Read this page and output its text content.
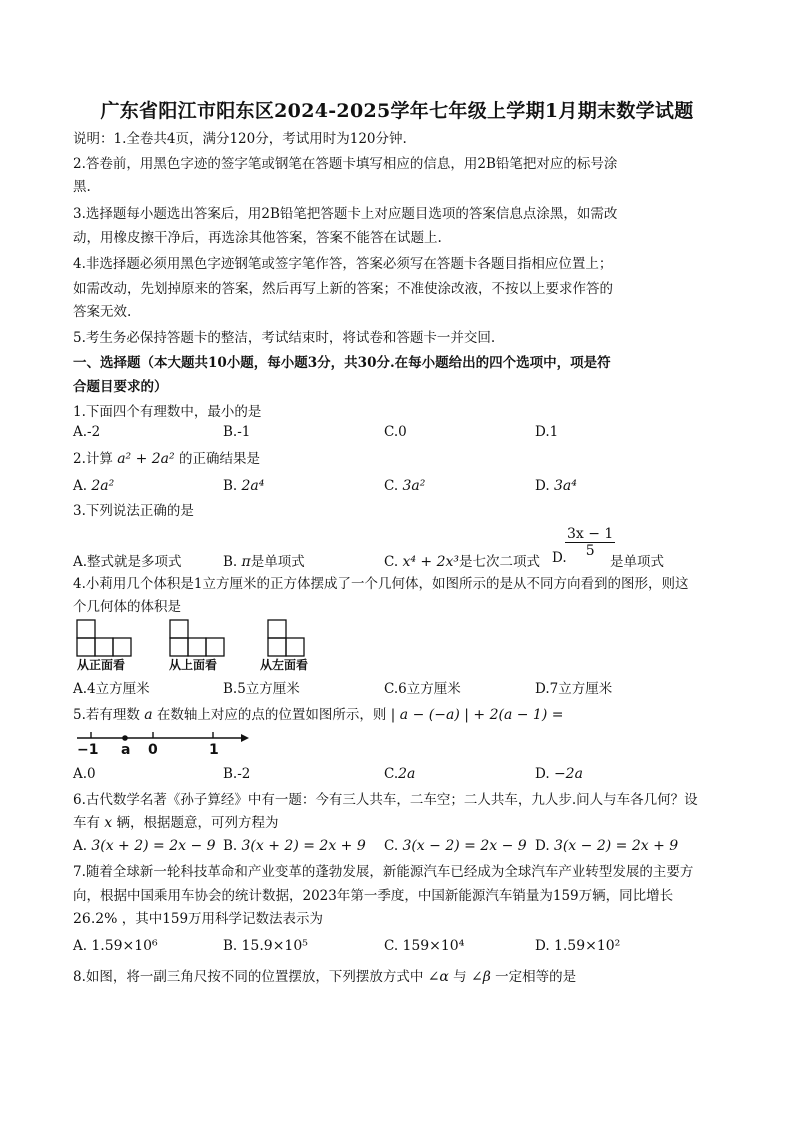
广东省阳江市阳东区2024-2025学年七年级上学期1月期末数学试题
说明：1.全卷共4页，满分120分，考试用时为120分钟.
2.答卷前，用黑色字迹的签字笔或钢笔在答题卡填写相应的信息，用2B铅笔把对应的标号涂
黑.
3.选择题每小题选出答案后，用2B铅笔把答题卡上对应题目选项的答案信息点涂黑，如需改
动，用橡皮擦干净后，再选涂其他答案，答案不能答在试题上.
4.非选择题必须用黑色字迹钢笔或签字笔作答，答案必须写在答题卡各题目指相应位置上；
如需改动，先划掉原来的答案，然后再写上新的答案；不准使涂改液，不按以上要求作答的
答案无效.
5.考生务必保持答题卡的整洁，考试结束时，将试卷和答题卡一并交回.
一、选择题（本大题共10小题，每小题3分，共30分.在每小题给出的四个选项中，项是符
合题目要求的）
1.下面四个有理数中，最小的是
A.-2	B.-1	C.0	D.1
2.计算 a² + 2a² 的正确结果是
A. 2a²	B. 2a⁴	C. 3a²	D. 3a⁴
3.下列说法正确的是
A.整式就是多项式	B. π是单项式	C. x⁴ + 2x³是七次二项式 D.
$\frac{3x - 1}{5}$
是单项式
4.小莉用几个体积是1立方厘米的正方体摆成了一个几何体，如图所示的是从不同方向看到的图形，则这
个几何体的体积是
从正面看	从上面看	从左面看
A.4立方厘米	B.5立方厘米	C.6立方厘米	D.7立方厘米
5.若有理数 a 在数轴上对应的点的位置如图所示，则 | a − (−a) | + 2(a − 1) =
−1 a 0	1
A.0	B.-2	C.2a	D. −2a
6.古代数学名著《孙子算经》中有一题：今有三人共车，二车空；二人共车，九人步.问人与车各几何？设
车有 x 辆，根据题意，可列方程为
A. 3(x + 2) = 2x − 9 B. 3(x + 2) = 2x + 9 C. 3(x − 2) = 2x − 9 D. 3(x − 2) = 2x + 9
7.随着全球新一轮科技革命和产业变革的蓬勃发展，新能源汽车已经成为全球汽车产业转型发展的主要方
向，根据中国乘用车协会的统计数据，2023年第一季度，中国新能源汽车销量为159万辆，同比增长
26.2% ，其中159万用科学记数法表示为
A. 1.59×10⁶	B. 15.9×10⁵	C. 159×10⁴	D. 1.59×10²
8.如图，将一副三角尺按不同的位置摆放，下列摆放方式中 ∠α 与 ∠β 一定相等的是
